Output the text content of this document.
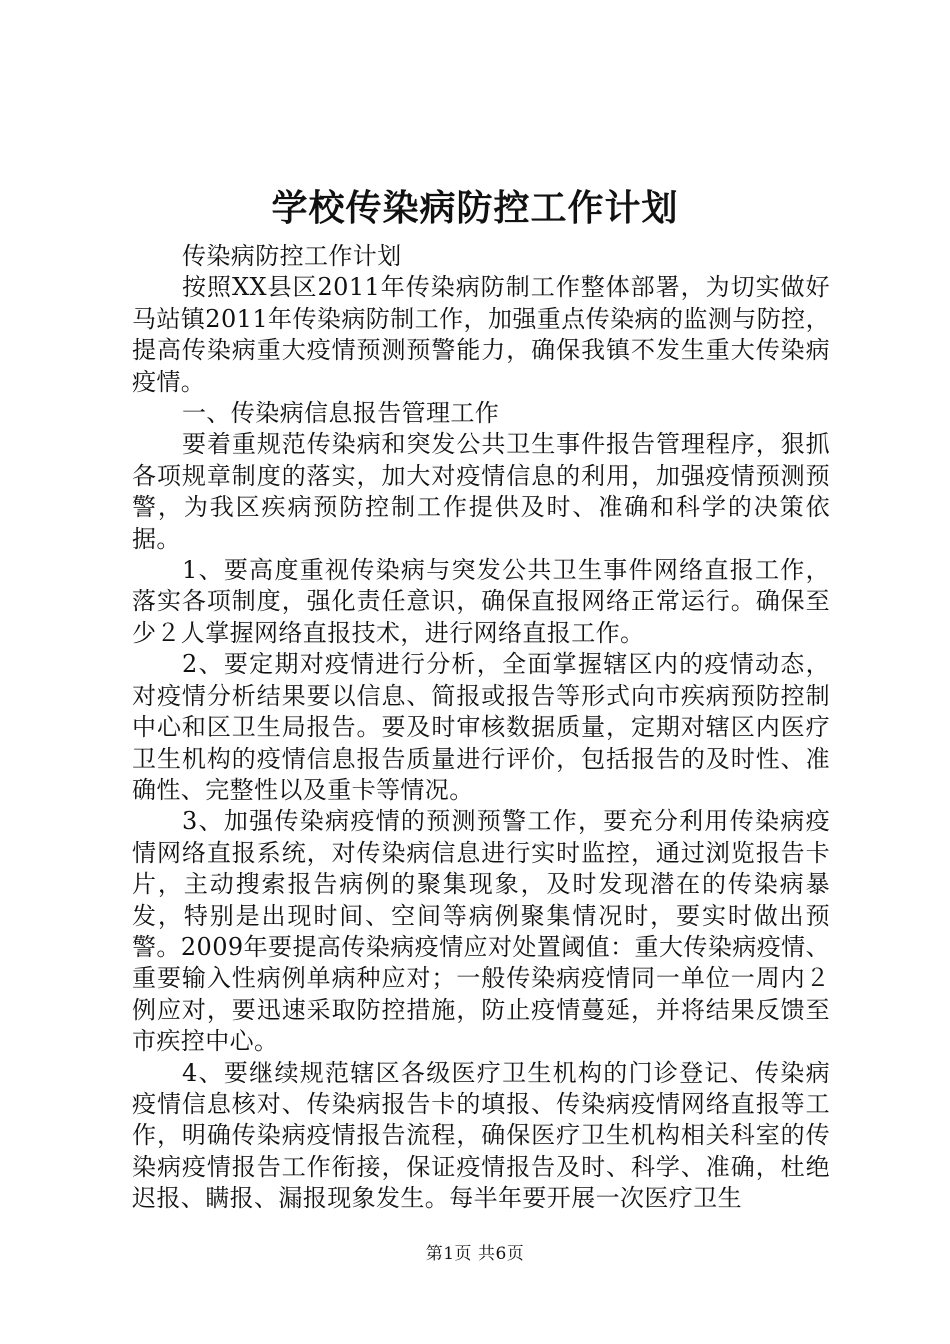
学校传染病防控工作计划

传染病防控工作计划

按照XX县区2011年传染病防制工作整体部署，为切实做好马站镇2011年传染病防制工作，加强重点传染病的监测与防控，提高传染病重大疫情预测预警能力，确保我镇不发生重大传染病疫情。

一、传染病信息报告管理工作

要着重规范传染病和突发公共卫生事件报告管理程序，狠抓各项规章制度的落实，加大对疫情信息的利用，加强疫情预测预警，为我区疾病预防控制工作提供及时、准确和科学的决策依据。

1、要高度重视传染病与突发公共卫生事件网络直报工作，落实各项制度，强化责任意识，确保直报网络正常运行。确保至少２人掌握网络直报技术，进行网络直报工作。

2、要定期对疫情进行分析，全面掌握辖区内的疫情动态，对疫情分析结果要以信息、简报或报告等形式向市疾病预防控制中心和区卫生局报告。要及时审核数据质量，定期对辖区内医疗卫生机构的疫情信息报告质量进行评价，包括报告的及时性、准确性、完整性以及重卡等情况。

3、加强传染病疫情的预测预警工作，要充分利用传染病疫情网络直报系统，对传染病信息进行实时监控，通过浏览报告卡片，主动搜索报告病例的聚集现象，及时发现潜在的传染病暴发，特别是出现时间、空间等病例聚集情况时，要实时做出预警。2009年要提高传染病疫情应对处置阈值：重大传染病疫情、重要输入性病例单病种应对；一般传染病疫情同一单位一周内２例应对，要迅速采取防控措施，防止疫情蔓延，并将结果反馈至市疾控中心。

4、要继续规范辖区各级医疗卫生机构的门诊登记、传染病疫情信息核对、传染病报告卡的填报、传染病疫情网络直报等工作，明确传染病疫情报告流程，确保医疗卫生机构相关科室的传染病疫情报告工作衔接，保证疫情报告及时、科学、准确，杜绝迟报、瞒报、漏报现象发生。每半年要开展一次医疗卫生

第1页 共6页
